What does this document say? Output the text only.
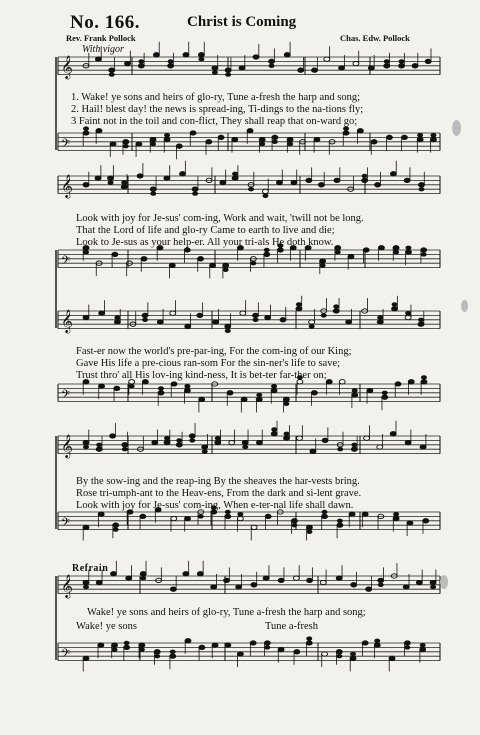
𝄞
𝄢
𝄞
𝄢
𝄞
𝄢
𝄞
𝄢
𝄞
𝄢
No. 166.	Christ is Coming
Rev. Frank Pollock	Chas. Edw. Pollock
With vigor
1. Wake! ye sons and heirs of glo-ry, Tune a-fresh the harp and song;
2. Hail! blest day! the news is spread-ing, Ti-dings to the na-tions fly;
3 Faint not in the toil and con-flict, They shall reap that on-ward go;
Look with joy for Je-sus' com-ing, Work and wait, 'twill not be long.
That the Lord of life and glo-ry Came to earth to live and die;
Look to Je-sus as your help-er. All your tri-als He doth know.
Fast-er now the world's pre-par-ing, For the com-ing of our King;
Gave His life a pre-cious ran-som For the sin-ner's life to save;
Trust thro' all His lov-ing kind-ness, It is bet-ter far-ther on;
By the sow-ing and the reap-ing By the sheaves the har-vests bring.
Rose tri-umph-ant to the Heav-ens, From the dark and si-lent grave.
Look with joy for Je-sus' com-ing, When e-ter-nal life shall dawn.
Refrain
Wake! ye sons and heirs of glo-ry, Tune a-fresh the harp and song;
Wake! ye sons	Tune a-fresh
